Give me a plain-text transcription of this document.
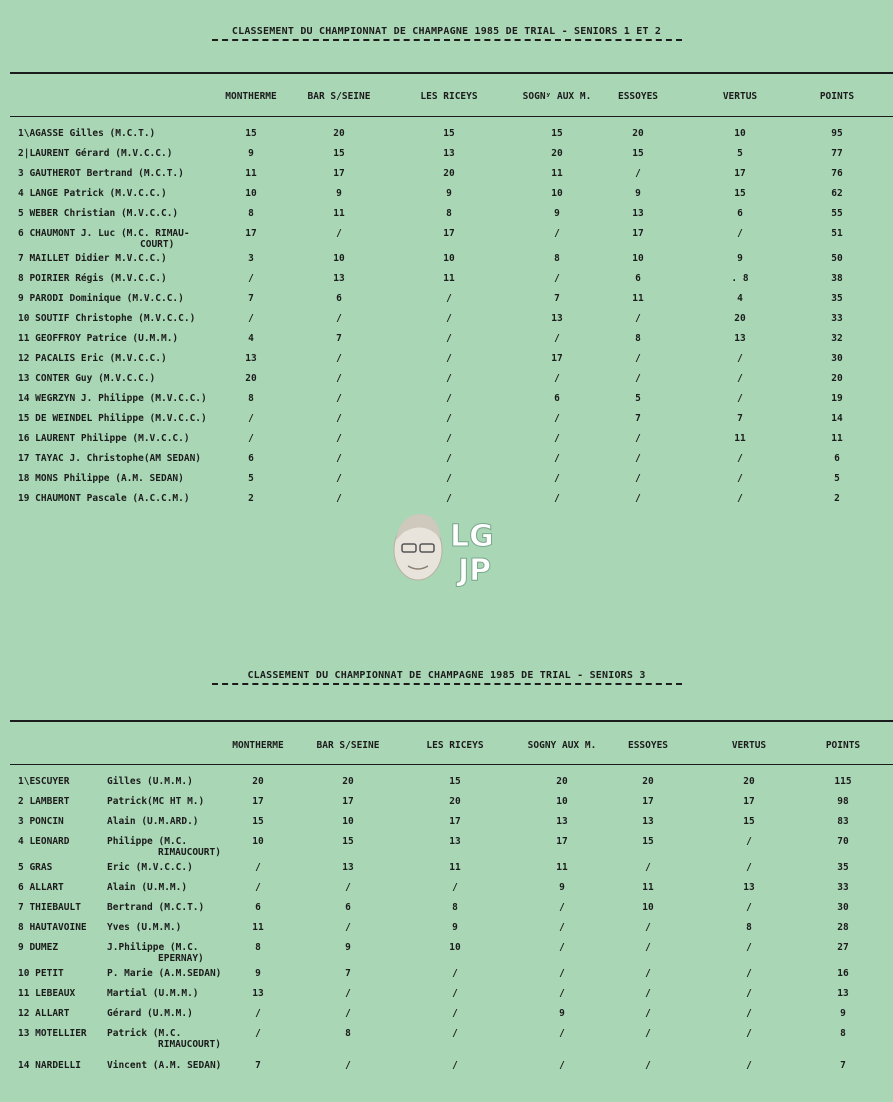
CLASSEMENT DU CHAMPIONNAT DE CHAMPAGNE 1985 DE TRIAL - SENIORS 1 ET 2
MONTHERME	BAR S/SEINE	LES RICEYS	SOGNʸ AUX M.	ESSOYES	VERTUS	POINTS
1\AGASSE Gilles (M.C.T.)	15	20	15	15	20	10	95
2|LAURENT Gérard (M.V.C.C.)	9	15	13	20	15	5	77
3 GAUTHEROT Bertrand (M.C.T.)	11	17	20	11	/	17	76
4 LANGE Patrick (M.V.C.C.)	10	9	9	10	9	15	62
5 WEBER Christian (M.V.C.C.)	8	11	8	9	13	6	55
6 CHAUMONT J. Luc (M.C. RIMAU-
COURT)
17	/	17	/	17	/	51
7 MAILLET Didier M.V.C.C.)	3	10	10	8	10	9	50
8 POIRIER Régis (M.V.C.C.)	/	13	11	/	6	. 8	38
9 PARODI Dominique (M.V.C.C.)	7	6	/	7	11	4	35
10 SOUTIF Christophe (M.V.C.C.)	/	/	/	13	/	20	33
11 GEOFFROY Patrice (U.M.M.)	4	7	/	/	8	13	32
12 PACALIS Eric (M.V.C.C.)	13	/	/	17	/	/	30
13 CONTER Guy (M.V.C.C.)	20	/	/	/	/	/	20
14 WEGRZYN J. Philippe (M.V.C.C.)	8	/	/	6	5	/	19
15 DE WEINDEL Philippe (M.V.C.C.)	/	/	/	/	7	7	14
16 LAURENT Philippe (M.V.C.C.)	/	/	/	/	/	11	11
17 TAYAC J. Christophe(AM SEDAN)	6	/	/	/	/	/	6
18 MONS Philippe (A.M. SEDAN)	5	/	/	/	/	/	5
19 CHAUMONT Pascale (A.C.C.M.)	2	/	/	/	/	/	2
LG
JP
CLASSEMENT DU CHAMPIONNAT DE CHAMPAGNE 1985 DE TRIAL - SENIORS 3
MONTHERME	BAR S/SEINE	LES RICEYS	SOGNY AUX M.	ESSOYES	VERTUS	POINTS
1\ESCUYER	Gilles (U.M.M.)	20	20	15	20	20	20	115
2 LAMBERT	Patrick(MC HT M.)	17	17	20	10	17	17	98
3 PONCIN	Alain (U.M.ARD.)	15	10	17	13	13	15	83
4 LEONARD	Philippe (M.C.
RIMAUCOURT)
10	15	13	17	15	/	70
5 GRAS	Eric (M.V.C.C.)	/	13	11	11	/	/	35
6 ALLART	Alain (U.M.M.)	/	/	/	9	11	13	33
7 THIEBAULT	Bertrand (M.C.T.)	6	6	8	/	10	/	30
8 HAUTAVOINE Yves (U.M.M.)	11	/	9	/	/	8	28
9 DUMEZ	J.Philippe (M.C.
EPERNAY)
8	9	10	/	/	/	27
10 PETIT	P. Marie (A.M.SEDAN)	9	7	/	/	/	/	16
11 LEBEAUX	Martial (U.M.M.)	13	/	/	/	/	/	13
12 ALLART	Gérard (U.M.M.)	/	/	/	9	/	/	9
13 MOTELLIER Patrick (M.C.
RIMAUCOURT)
/	8	/	/	/	/	8
14 NARDELLI	Vincent (A.M. SEDAN)	7	/	/	/	/	/	7
